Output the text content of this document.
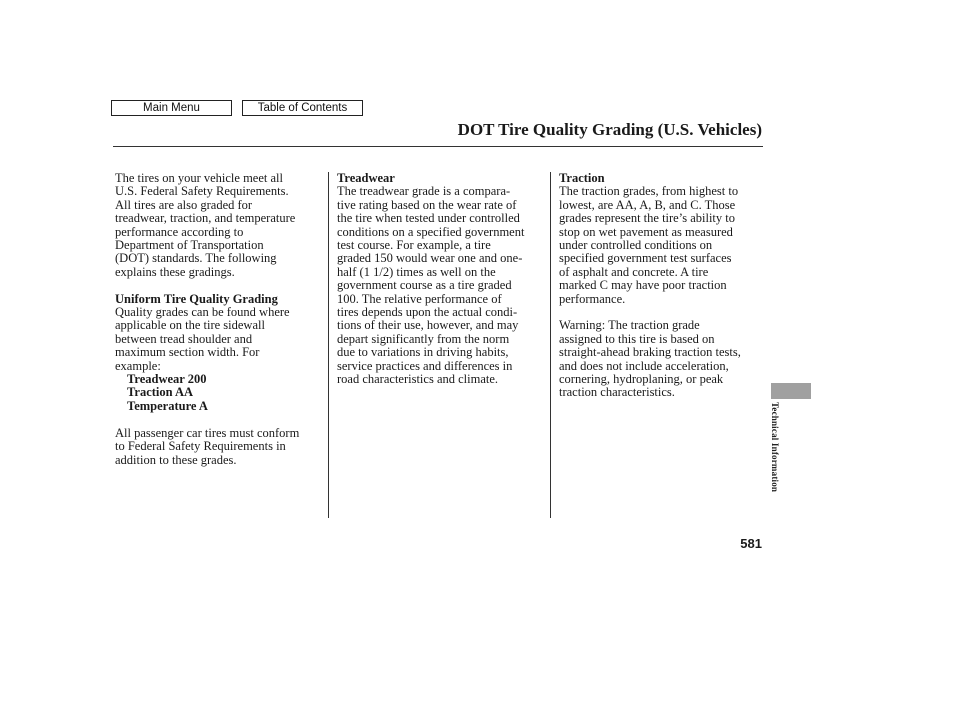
Main Menu	Table of Contents
DOT Tire Quality Grading (U.S. Vehicles)

The tires on your vehicle meet all

U.S. Federal Safety Requirements.

All tires are also graded for

treadwear, traction, and temperature

performance according to

Department of Transportation

(DOT) standards. The following

explains these gradings.

Uniform Tire Quality Grading

Quality grades can be found where

applicable on the tire sidewall

between tread shoulder and

maximum section width. For

example:

Treadwear 200

Traction AA

Temperature A

All passenger car tires must conform

to Federal Safety Requirements in

addition to these grades.

Treadwear

The treadwear grade is a compara-

tive rating based on the wear rate of

the tire when tested under controlled

conditions on a specified government

test course. For example, a tire

graded 150 would wear one and one-

half (1 1/2) times as well on the

government course as a tire graded

100. The relative performance of

tires depends upon the actual condi-

tions of their use, however, and may

depart significantly from the norm

due to variations in driving habits,

service practices and differences in

road characteristics and climate.

Traction

The traction grades, from highest to

lowest, are AA, A, B, and C. Those

grades represent the tire’s ability to

stop on wet pavement as measured

under controlled conditions on

specified government test surfaces

of asphalt and concrete. A tire

marked C may have poor traction

performance.

Warning: The traction grade

assigned to this tire is based on

straight-ahead braking traction tests,

and does not include acceleration,

cornering, hydroplaning, or peak

traction characteristics.

Technical Information
581
